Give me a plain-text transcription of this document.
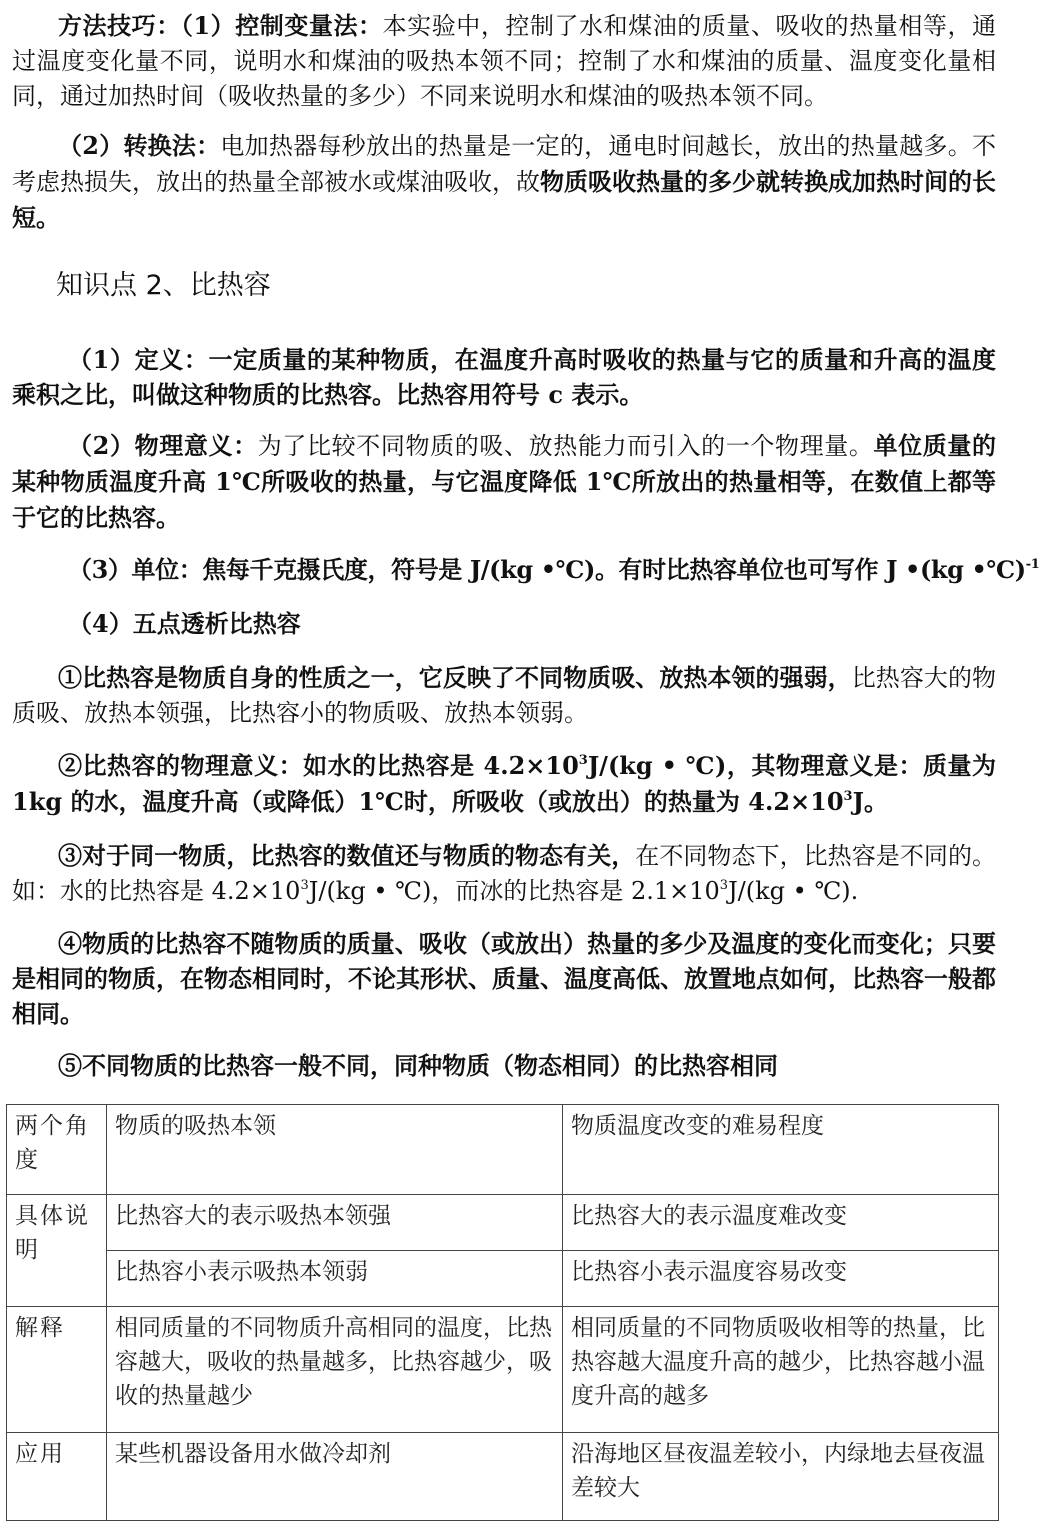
方法技巧：（1）控制变量法：本实验中，控制了水和煤油的质量、吸收的热量相等，通过温度变化量不同，说明水和煤油的吸热本领不同；控制了水和煤油的质量、温度变化量相同，通过加热时间（吸收热量的多少）不同来说明水和煤油的吸热本领不同。

（2）转换法：电加热器每秒放出的热量是一定的，通电时间越长，放出的热量越多。不考虑热损失，放出的热量全部被水或煤油吸收，故物质吸收热量的多少就转换成加热时间的长短。

知识点 2、比热容

（1）定义：一定质量的某种物质，在温度升高时吸收的热量与它的质量和升高的温度乘积之比，叫做这种物质的比热容。比热容用符号 c 表示。

（2）物理意义：为了比较不同物质的吸、放热能力而引入的一个物理量。单位质量的某种物质温度升高 1℃所吸收的热量，与它温度降低 1℃所放出的热量相等，在数值上都等于它的比热容。

（3）单位：焦每千克摄氏度，符号是 J/(kg •℃)。有时比热容单位也可写作 J •(kg •℃)$^{-1}$

（4）五点透析比热容

①比热容是物质自身的性质之一，它反映了不同物质吸、放热本领的强弱，比热容大的物质吸、放热本领强，比热容小的物质吸、放热本领弱。

②比热容的物理意义：如水的比热容是 $4.2\times 10^3J/(kg$ • ℃)，其物理意义是：质量为 1kg 的水，温度升高（或降低）1℃时，所吸收（或放出）的热量为 $4.2\times 10^3J$。

③对于同一物质，比热容的数值还与物质的物态有关，在不同物态下，比热容是不同的。如：水的比热容是 $4.2\times 10^3J/(kg$ • ℃)，而冰的比热容是 $2.1\times 10^3J/(kg$ • ℃).

④物质的比热容不随物质的质量、吸收（或放出）热量的多少及温度的变化而变化；只要是相同的物质，在物态相同时，不论其形状、质量、温度高低、放置地点如何，比热容一般都相同。

⑤不同物质的比热容一般不同，同种物质（物态相同）的比热容相同

两个角度	物质的吸热本领	物质温度改变的难易程度
具体说明	比热容大的表示吸热本领强	比热容大的表示温度难改变
	比热容小表示吸热本领弱	比热容小表示温度容易改变
解释	相同质量的不同物质升高相同的温度，比热容越大，吸收的热量越多，比热容越少，吸收的热量越少	相同质量的不同物质吸收相等的热量，比热容越大温度升高的越少，比热容越小温度升高的越多
应用	某些机器设备用水做冷却剂	沿海地区昼夜温差较小，内绿地去昼夜温差较大
